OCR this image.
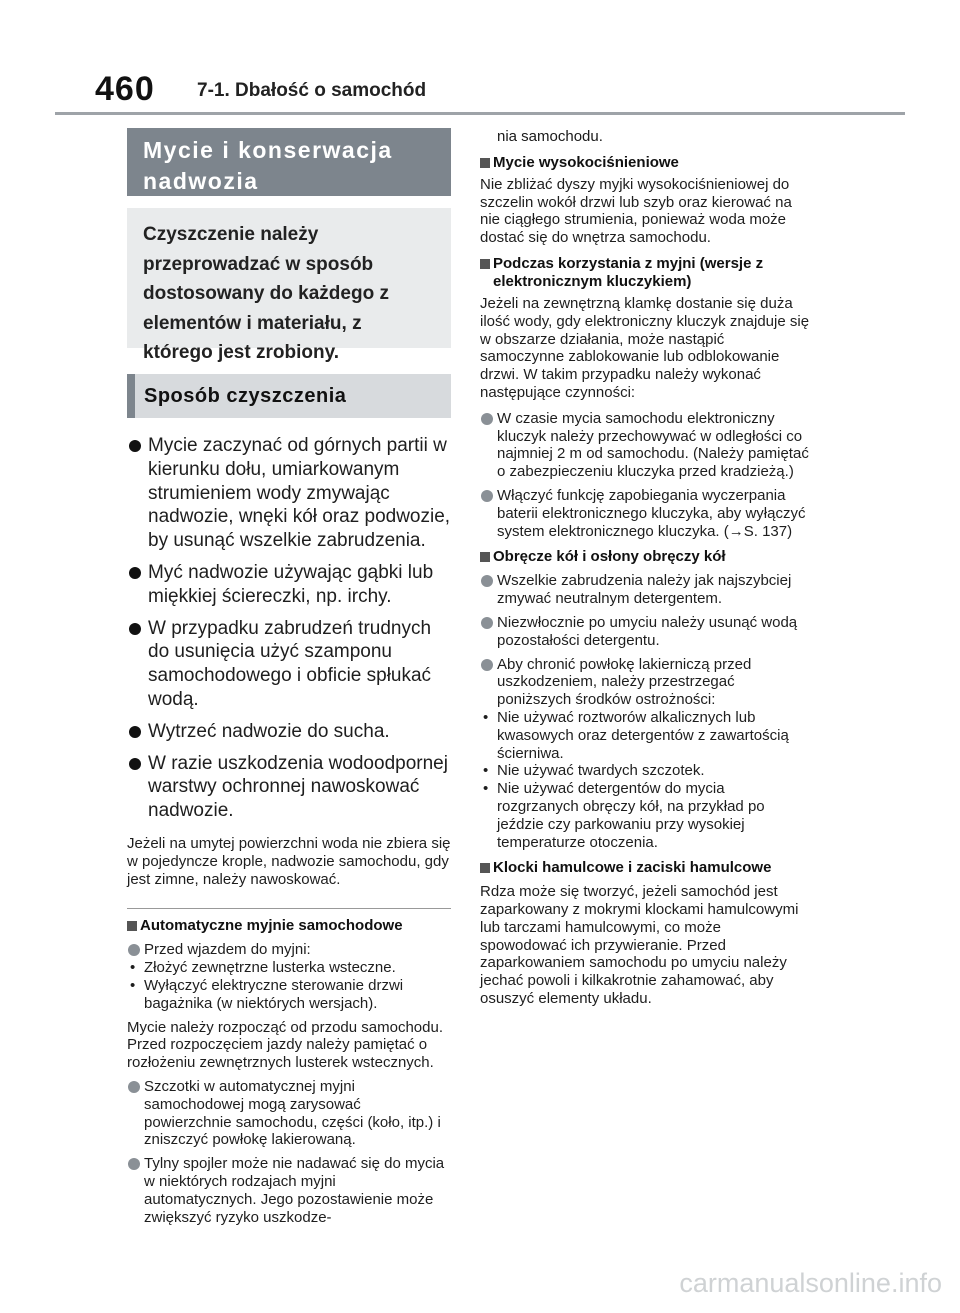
460 7-1. Dbałość o samochód
Mycie i konserwacja nadwozia
Czyszczenie należy przeprowadzać w sposób dostosowany do każdego z elementów i materiału, z którego jest zrobiony.
Sposób czyszczenia
Mycie zaczynać od górnych partii w kierunku dołu, umiarkowanym strumieniem wody zmywając nadwozie, wnęki kół oraz podwozie, by usunąć wszelkie zabrudzenia.
Myć nadwozie używając gąbki lub miękkiej ściereczki, np. irchy.
W przypadku zabrudzeń trudnych do usunięcia użyć szamponu samochodowego i obficie spłukać wodą.
Wytrzeć nadwozie do sucha.
W razie uszkodzenia wodoodpornej warstwy ochronnej nawoskować nadwozie.
Jeżeli na umytej powierzchni woda nie zbiera się w pojedyncze krople, nadwozie samochodu, gdy jest zimne, należy nawoskować.
Automatyczne myjnie samochodowe
Przed wjazdem do myjni:
• Złożyć zewnętrzne lusterka wsteczne.
• Wyłączyć elektryczne sterowanie drzwi bagażnika (w niektórych wersjach).
Mycie należy rozpocząć od przodu samochodu. Przed rozpoczęciem jazdy należy pamiętać o rozłożeniu zewnętrznych lusterek wstecznych.
Szczotki w automatycznej myjni samochodowej mogą zarysować powierzchnie samochodu, części (koło, itp.) i zniszczyć powłokę lakierowaną.
Tylny spojler może nie nadawać się do mycia w niektórych rodzajach myjni automatycznych. Jego pozostawienie może zwiększyć ryzyko uszkodze-
nia samochodu.
Mycie wysokociśnieniowe
Nie zbliżać dyszy myjki wysokociśnieniowej do szczelin wokół drzwi lub szyb oraz kierować na nie ciągłego strumienia, ponieważ woda może dostać się do wnętrza samochodu.
Podczas korzystania z myjni (wersje z elektronicznym kluczykiem)
Jeżeli na zewnętrzną klamkę dostanie się duża ilość wody, gdy elektroniczny kluczyk znajduje się w obszarze działania, może nastąpić samoczynne zablokowanie lub odblokowanie drzwi. W takim przypadku należy wykonać następujące czynności:
W czasie mycia samochodu elektroniczny kluczyk należy przechowywać w odległości co najmniej 2 m od samochodu. (Należy pamiętać o zabezpieczeniu kluczyka przed kradzieżą.)
Włączyć funkcję zapobiegania wyczerpania baterii elektronicznego kluczyka, aby wyłączyć system elektronicznego kluczyka. (→S. 137)
Obręcze kół i osłony obręczy kół
Wszelkie zabrudzenia należy jak najszybciej zmywać neutralnym detergentem.
Niezwłocznie po umyciu należy usunąć wodą pozostałości detergentu.
Aby chronić powłokę lakierniczą przed uszkodzeniem, należy przestrzegać poniższych środków ostrożności:
• Nie używać roztworów alkalicznych lub kwasowych oraz detergentów z zawartością ściernіwa.
• Nie używać twardych szczotek.
• Nie używać detergentów do mycia rozgrzanych obręczy kół, na przykład po jeździe czy parkowaniu przy wysokiej temperaturze otoczenia.
Klocki hamulcowe i zaciski hamulcowe
Rdza może się tworzyć, jeżeli samochód jest zaparkowany z mokrymi klockami hamulcowymi lub tarczami hamulcowymi, co może spowodować ich przywieranie. Przed zaparkowaniem samochodu po umyciu należy jechać powoli i kilkakrotnie zahamować, aby osuszyć elementy układu.
carmanualsonline.info
